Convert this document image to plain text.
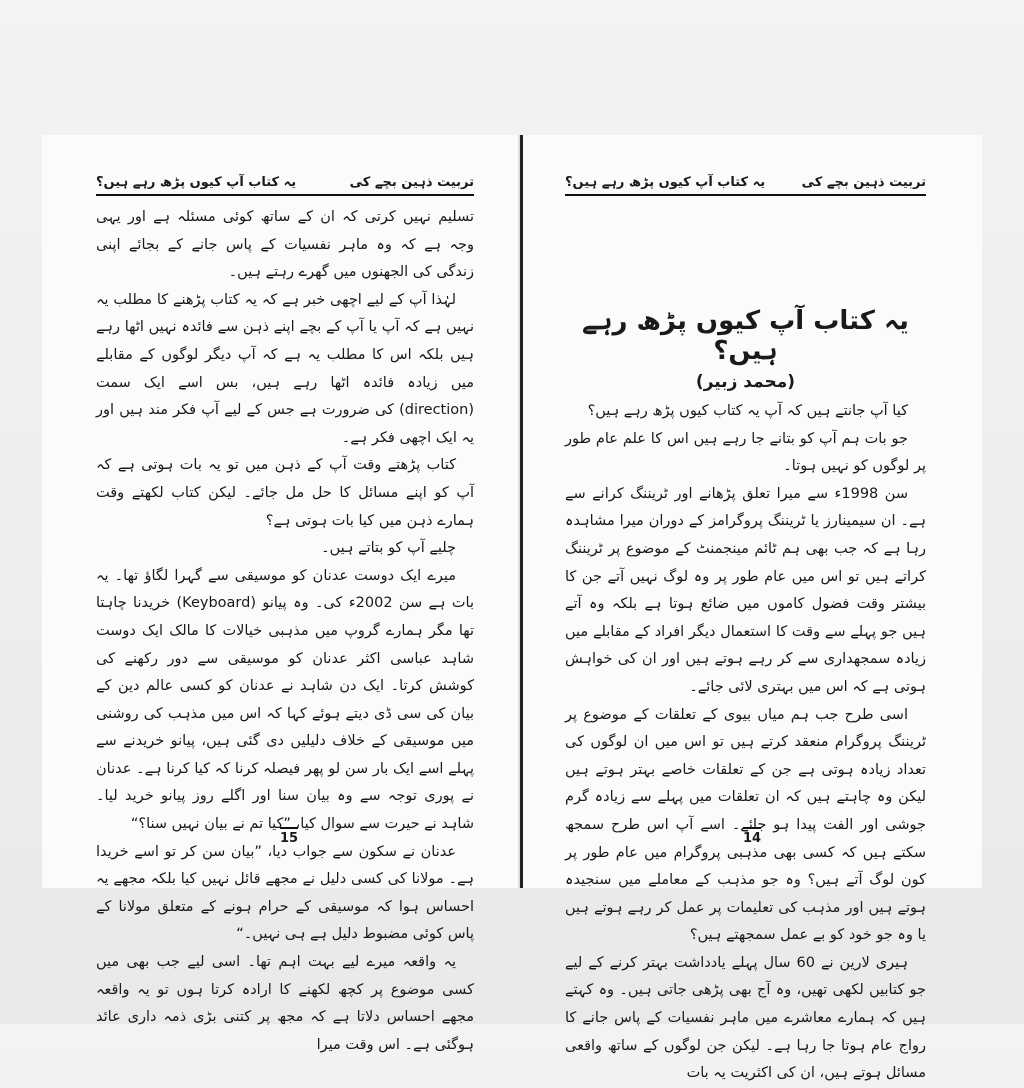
تربیت ذہین بچے کی
یہ کتاب آپ کیوں پڑھ رہے ہیں؟

تسلیم نہیں کرتی کہ ان کے ساتھ کوئی مسئلہ ہے اور یہی وجہ ہے کہ وہ ماہر نفسیات کے پاس جانے کے بجائے اپنی زندگی کی الجھنوں میں گھرے رہتے ہیں۔

لہٰذا آپ کے لیے اچھی خبر ہے کہ یہ کتاب پڑھنے کا مطلب یہ نہیں ہے کہ آپ یا آپ کے بچے اپنے ذہن سے فائدہ نہیں اٹھا رہے ہیں بلکہ اس کا مطلب یہ ہے کہ آپ دیگر لوگوں کے مقابلے میں زیادہ فائدہ اٹھا رہے ہیں، بس اسے ایک سمت (direction) کی ضرورت ہے جس کے لیے آپ فکر مند ہیں اور یہ ایک اچھی فکر ہے۔

کتاب پڑھتے وقت آپ کے ذہن میں تو یہ بات ہوتی ہے کہ آپ کو اپنے مسائل کا حل مل جائے۔ لیکن کتاب لکھتے وقت ہمارے ذہن میں کیا بات ہوتی ہے؟

چلیے آپ کو بتاتے ہیں۔

میرے ایک دوست عدنان کو موسیقی سے گہرا لگاؤ تھا۔ یہ بات ہے سن 2002ء کی۔ وہ پیانو (Keyboard) خریدنا چاہتا تھا مگر ہمارے گروپ میں مذہبی خیالات کا مالک ایک دوست شاہد عباسی اکثر عدنان کو موسیقی سے دور رکھنے کی کوشش کرتا۔ ایک دن شاہد نے عدنان کو کسی عالم دین کے بیان کی سی ڈی دیتے ہوئے کہا کہ اس میں مذہب کی روشنی میں موسیقی کے خلاف دلیلیں دی گئی ہیں، پیانو خریدنے سے پہلے اسے ایک بار سن لو پھر فیصلہ کرنا کہ کیا کرنا ہے۔ عدنان نے پوری توجہ سے وہ بیان سنا اور اگلے روز پیانو خرید لیا۔ شاہد نے حیرت سے سوال کیا، ”کیا تم نے بیان نہیں سنا؟“

عدنان نے سکون سے جواب دیا، ”بیان سن کر تو اسے خریدا ہے۔ مولانا کی کسی دلیل نے مجھے قائل نہیں کیا بلکہ مجھے یہ احساس ہوا کہ موسیقی کے حرام ہونے کے متعلق مولانا کے پاس کوئی مضبوط دلیل ہے ہی نہیں۔“

یہ واقعہ میرے لیے بہت اہم تھا۔ اسی لیے جب بھی میں کسی موضوع پر کچھ لکھنے کا ارادہ کرتا ہوں تو یہ واقعہ مجھے احساس دلاتا ہے کہ مجھ پر کتنی بڑی ذمہ داری عائد ہوگئی ہے۔ اس وقت میرا

15
تربیت ذہین بچے کی
یہ کتاب آپ کیوں پڑھ رہے ہیں؟
یہ کتاب آپ کیوں پڑھ رہے ہیں؟
(محمد زبیر)

کیا آپ جانتے ہیں کہ آپ یہ کتاب کیوں پڑھ رہے ہیں؟

جو بات ہم آپ کو بتانے جا رہے ہیں اس کا علم عام طور پر لوگوں کو نہیں ہوتا۔

سن 1998ء سے میرا تعلق پڑھانے اور ٹریننگ کرانے سے ہے۔ ان سیمینارز یا ٹریننگ پروگرامز کے دوران میرا مشاہدہ رہا ہے کہ جب بھی ہم ٹائم مینجمنٹ کے موضوع پر ٹریننگ کراتے ہیں تو اس میں عام طور پر وہ لوگ نہیں آتے جن کا بیشتر وقت فضول کاموں میں ضائع ہوتا ہے بلکہ وہ آتے ہیں جو پہلے سے وقت کا استعمال دیگر افراد کے مقابلے میں زیادہ سمجھداری سے کر رہے ہوتے ہیں اور ان کی خواہش ہوتی ہے کہ اس میں بہتری لائی جائے۔

اسی طرح جب ہم میاں بیوی کے تعلقات کے موضوع پر ٹریننگ پروگرام منعقد کرتے ہیں تو اس میں ان لوگوں کی تعداد زیادہ ہوتی ہے جن کے تعلقات خاصے بہتر ہوتے ہیں لیکن وہ چاہتے ہیں کہ ان تعلقات میں پہلے سے زیادہ گرم جوشی اور الفت پیدا ہو جائے۔ اسے آپ اس طرح سمجھ سکتے ہیں کہ کسی بھی مذہبی پروگرام میں عام طور پر کون لوگ آتے ہیں؟ وہ جو مذہب کے معاملے میں سنجیدہ ہوتے ہیں اور مذہب کی تعلیمات پر عمل کر رہے ہوتے ہیں یا وہ جو خود کو بے عمل سمجھتے ہیں؟

ہیری لارین نے 60 سال پہلے یادداشت بہتر کرنے کے لیے جو کتابیں لکھی تھیں، وہ آج بھی پڑھی جاتی ہیں۔ وہ کہتے ہیں کہ ہمارے معاشرے میں ماہر نفسیات کے پاس جانے کا رواج عام ہوتا جا رہا ہے۔ لیکن جن لوگوں کے ساتھ واقعی مسائل ہوتے ہیں، ان کی اکثریت یہ بات

14
